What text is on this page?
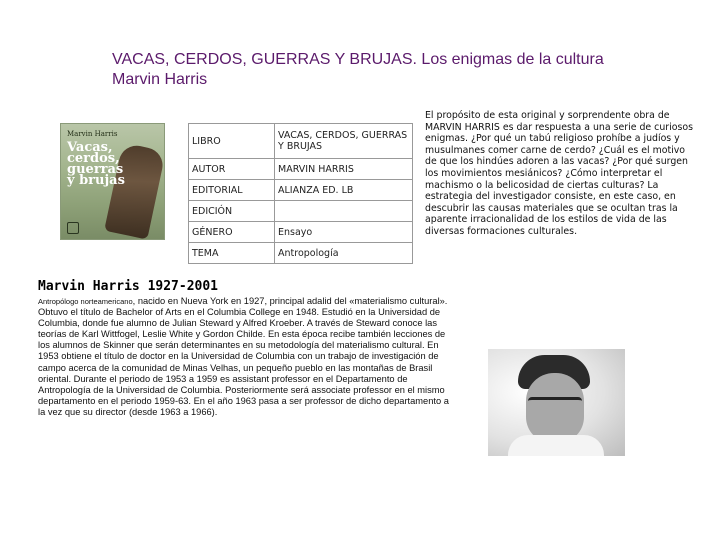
VACAS, CERDOS, GUERRAS Y BRUJAS. Los enigmas de la cultura
Marvin Harris
Marvin Harris
Vacas, cerdos, guerras y brujas
LIBRO	VACAS, CERDOS, GUERRAS Y BRUJAS
AUTOR	MARVIN HARRIS
EDITORIAL	ALIANZA ED. LB
EDICIÓN	
GÉNERO	Ensayo
TEMA	Antropología
El propósito de esta original y sorprendente obra de MARVIN HARRIS es dar respuesta a una serie de curiosos enigmas. ¿Por qué un tabú religioso prohíbe a judíos y musulmanes comer carne de cerdo? ¿Cuál es el motivo de que los hindúes adoren a las vacas? ¿Por qué surgen los movimientos mesiánicos? ¿Cómo interpretar el machismo o la belicosidad de ciertas culturas? La estrategia del investigador consiste, en este caso, en descubrir las causas materiales que se ocultan tras la aparente irracionalidad de los estilos de vida de las diversas formaciones culturales.
Marvin Harris 1927-2001
Antropólogo norteamericano, nacido en Nueva York en 1927, principal adalid del «materialismo cultural». Obtuvo el título de Bachelor of Arts en el Columbia College en 1948. Estudió en la Universidad de Columbia, donde fue alumno de Julian Steward y Alfred Kroeber. A través de Steward conoce las teorías de Karl Wittfogel, Leslie White y Gordon Childe. En esta época recibe también lecciones de los alumnos de Skinner que serán determinantes en su metodología del materialismo cultural. En 1953 obtiene el título de doctor en la Universidad de Columbia con un trabajo de investigación de campo acerca de la comunidad de Minas Velhas, un pequeño pueblo en las montañas de Brasil oriental. Durante el periodo de 1953 a 1959 es assistant professor en el Departamento de Antropología de la Universidad de Columbia. Posteriormente será associate professor en el mismo departamento en el periodo 1959-63. En el año 1963 pasa a ser professor de dicho departamento a la vez que su director (desde 1963 a 1966).
